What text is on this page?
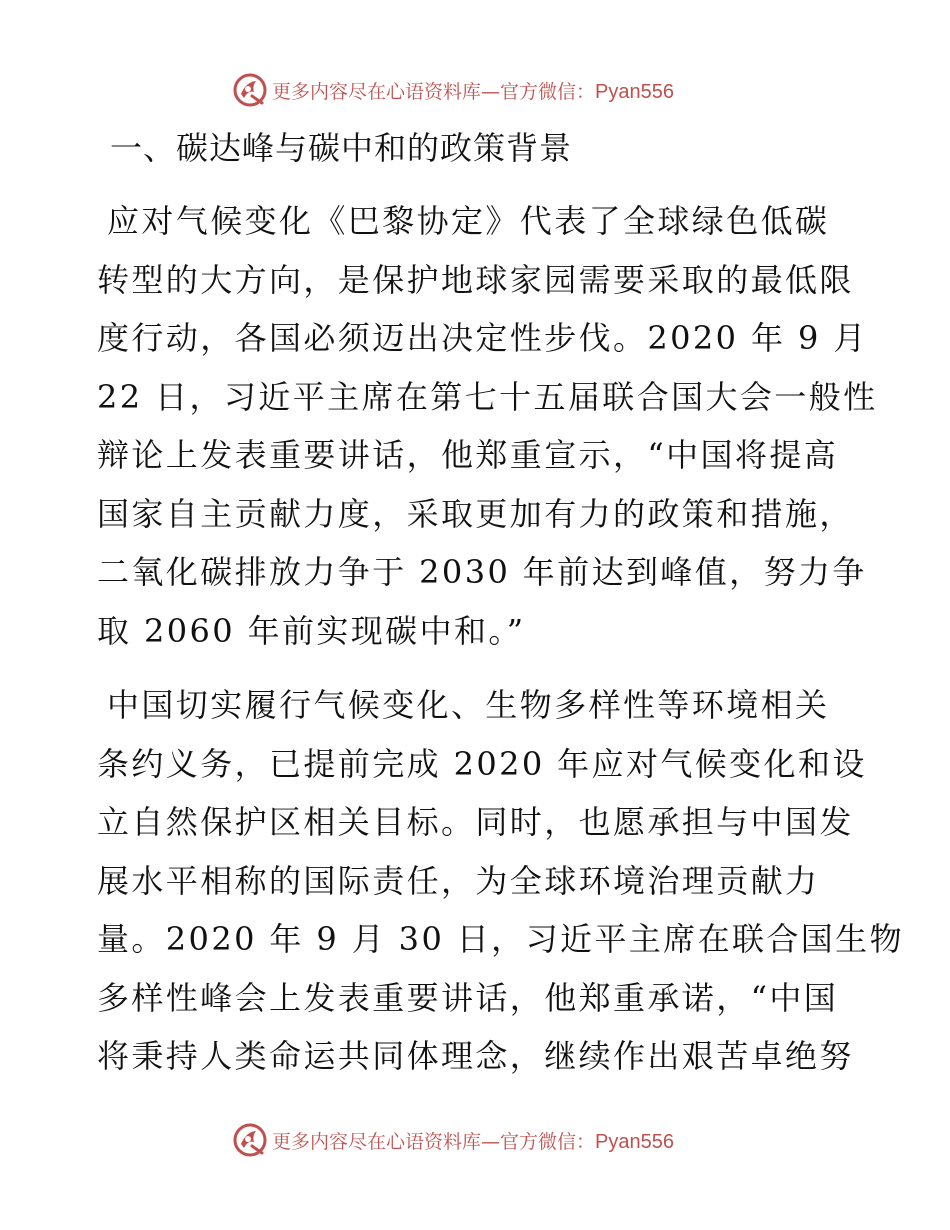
更多内容尽在心语资料库—官方微信：Pyan556
一、碳达峰与碳中和的政策背景
应对气候变化《巴黎协定》代表了全球绿色低碳
转型的大方向，是保护地球家园需要采取的最低限
度行动，各国必须迈出决定性步伐。2020 年 9 月
22 日，习近平主席在第七十五届联合国大会一般性
辩论上发表重要讲话，他郑重宣示，“中国将提高
国家自主贡献力度，采取更加有力的政策和措施，
二氧化碳排放力争于 2030 年前达到峰值，努力争
取 2060 年前实现碳中和。”
中国切实履行气候变化、生物多样性等环境相关
条约义务，已提前完成 2020 年应对气候变化和设
立自然保护区相关目标。同时，也愿承担与中国发
展水平相称的国际责任，为全球环境治理贡献力
量。2020 年 9 月 30 日，习近平主席在联合国生物
多样性峰会上发表重要讲话，他郑重承诺，“中国
将秉持人类命运共同体理念，继续作出艰苦卓绝努
更多内容尽在心语资料库—官方微信：Pyan556
